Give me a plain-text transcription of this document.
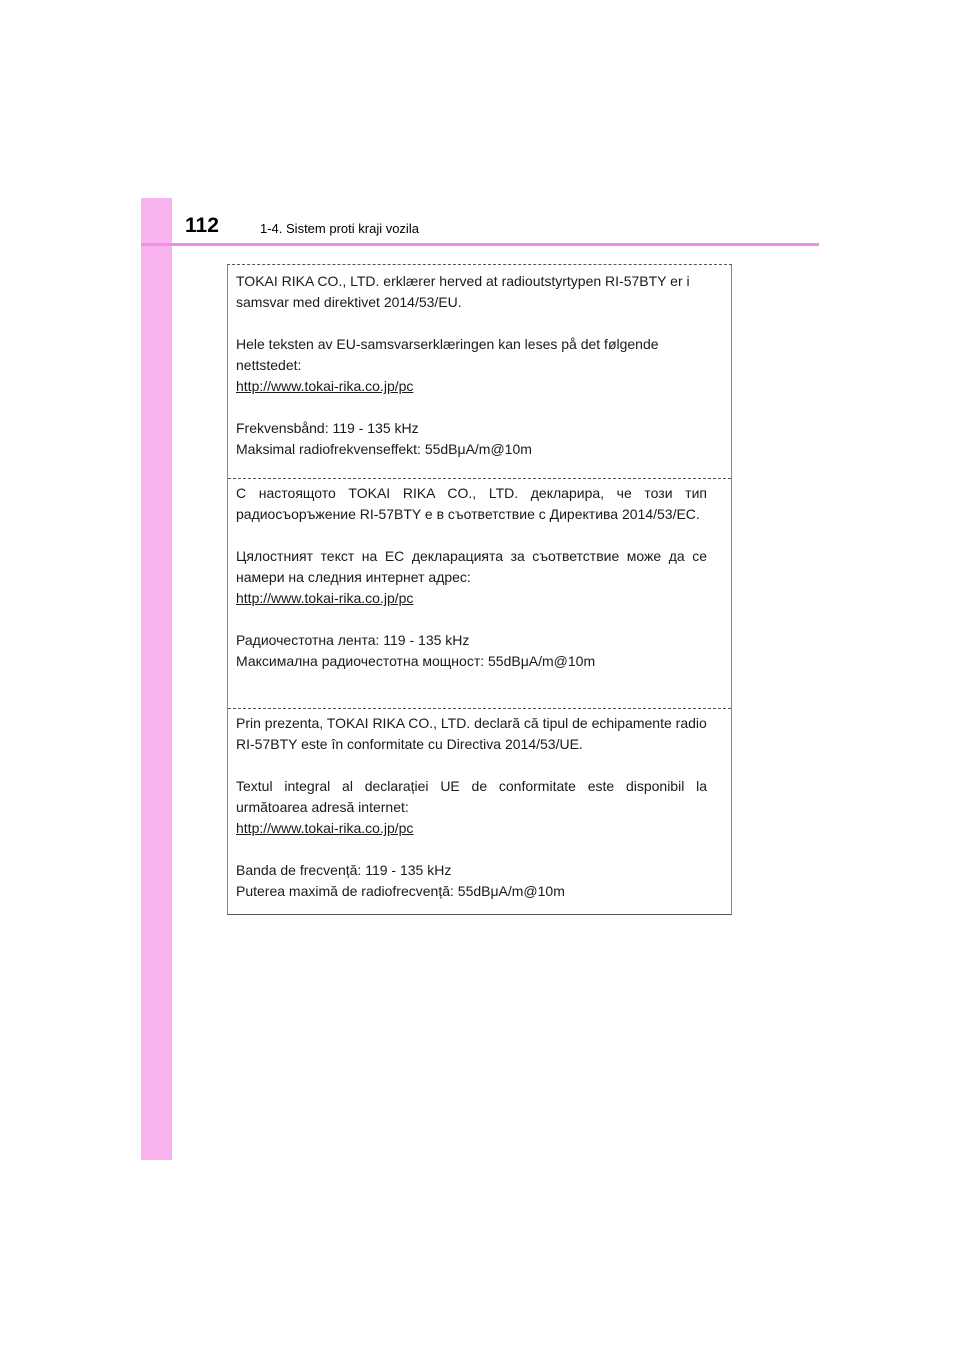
112	1-4. Sistem proti kraji vozila

TOKAI RIKA CO., LTD. erklærer herved at radioutstyrtypen RI-57BTY er i samsvar med direktivet 2014/53/EU.

Hele teksten av EU-samsvarserklæringen kan leses på det følgende nettstedet:

http://www.tokai-rika.co.jp/pc

Frekvensbånd: 119 - 135 kHz

Maksimal radiofrekvenseffekt: 55dBμA/m@10m

С настоящото TOKAI RIKA CO., LTD. декларира, че този тип радиосъоръжение RI-57BTY е в съответствие с Директива 2014/53/ЕС.

Цялостният текст на ЕС декларацията за съответствие може да се намери на следния интернет адрес:

http://www.tokai-rika.co.jp/pc

Радиочестотна лента: 119 - 135 kHz

Максимална радиочестотна мощност: 55dBμA/m@10m

Prin prezenta, TOKAI RIKA CO., LTD. declară că tipul de echipamente radio RI-57BTY este în conformitate cu Directiva 2014/53/UE.

Textul integral al declarației UE de conformitate este disponibil la următoarea adresă internet:

http://www.tokai-rika.co.jp/pc

Banda de frecvență: 119 - 135 kHz

Puterea maximă de radiofrecvență: 55dBμA/m@10m
